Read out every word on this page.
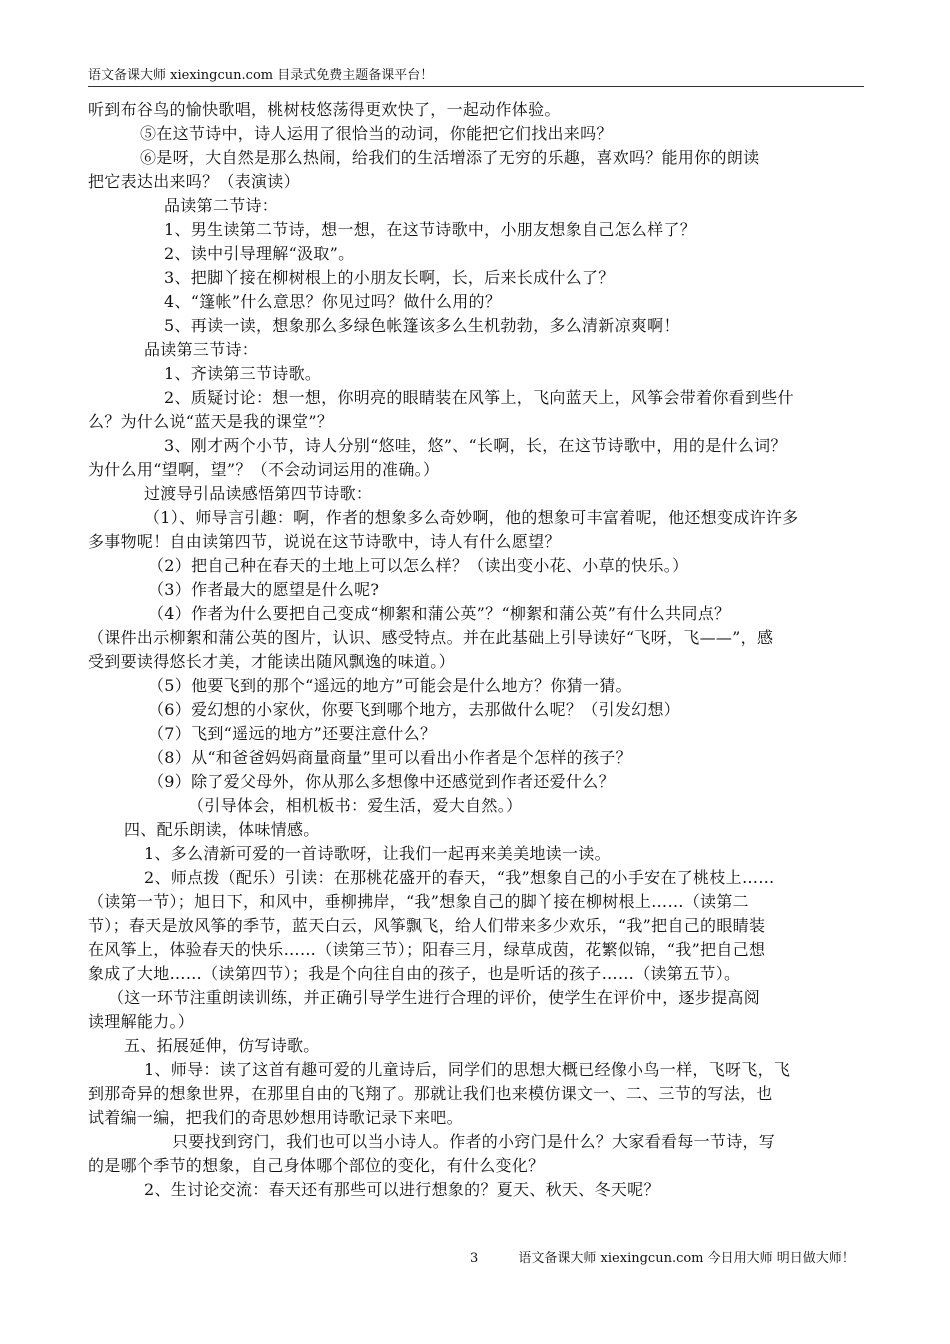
语文备课大师 xiexingcun.com 目录式免费主题备课平台！
听到布谷鸟的愉快歌唱，桃树枝悠荡得更欢快了，一起动作体验。
⑤在这节诗中，诗人运用了很恰当的动词，你能把它们找出来吗？
⑥是呀，大自然是那么热闹，给我们的生活增添了无穷的乐趣，喜欢吗？能用你的朗读
把它表达出来吗？（表演读）
品读第二节诗：
1、男生读第二节诗，想一想，在这节诗歌中，小朋友想象自己怎么样了？
2、读中引导理解“汲取”。
3、把脚丫接在柳树根上的小朋友长啊，长，后来长成什么了？
4、“篷帐”什么意思？你见过吗？做什么用的？
5、再读一读，想象那么多绿色帐篷该多么生机勃勃，多么清新凉爽啊！
品读第三节诗：
1、齐读第三节诗歌。
2、质疑讨论：想一想，你明亮的眼睛装在风筝上，飞向蓝天上，风筝会带着你看到些什
么？为什么说“蓝天是我的课堂”？
3、刚才两个小节，诗人分别“悠哇，悠”、“长啊，长，在这节诗歌中，用的是什么词？
为什么用“望啊，望”？（不会动词运用的准确。）
过渡导引品读感悟第四节诗歌：
（1）、师导言引趣：啊，作者的想象多么奇妙啊，他的想象可丰富着呢，他还想变成许许多
多事物呢！自由读第四节，说说在这节诗歌中，诗人有什么愿望？
（2）把自己种在春天的土地上可以怎么样？（读出变小花、小草的快乐。）
（3）作者最大的愿望是什么呢?
（4）作者为什么要把自己变成“柳絮和蒲公英”？“柳絮和蒲公英”有什么共同点？
（课件出示柳絮和蒲公英的图片，认识、感受特点。并在此基础上引导读好“飞呀，飞——”，感
受到要读得悠长才美，才能读出随风飘逸的味道。）
（5）他要飞到的那个“遥远的地方”可能会是什么地方？你猜一猜。
（6）爱幻想的小家伙，你要飞到哪个地方，去那做什么呢？（引发幻想）
（7）飞到“遥远的地方”还要注意什么？
（8）从“和爸爸妈妈商量商量”里可以看出小作者是个怎样的孩子？
（9）除了爱父母外，你从那么多想像中还感觉到作者还爱什么？
（引导体会，相机板书：爱生活，爱大自然。）
四、配乐朗读，体味情感。
1、多么清新可爱的一首诗歌呀，让我们一起再来美美地读一读。
2、师点拨（配乐）引读：在那桃花盛开的春天，“我”想象自己的小手安在了桃枝上……
（读第一节）；旭日下，和风中，垂柳拂岸，“我”想象自己的脚丫接在柳树根上……（读第二
节）；春天是放风筝的季节，蓝天白云，风筝飘飞，给人们带来多少欢乐，“我”把自己的眼睛装
在风筝上，体验春天的快乐……（读第三节）；阳春三月，绿草成茵，花繁似锦，“我”把自己想
象成了大地……（读第四节）；我是个向往自由的孩子，也是听话的孩子……（读第五节）。
（这一环节注重朗读训练，并正确引导学生进行合理的评价，使学生在评价中，逐步提高阅
读理解能力。）
五、拓展延伸，仿写诗歌。
1、师导：读了这首有趣可爱的儿童诗后，同学们的思想大概已经像小鸟一样，飞呀飞，飞
到那奇异的想象世界，在那里自由的飞翔了。那就让我们也来模仿课文一、二、三节的写法，也
试着编一编，把我们的奇思妙想用诗歌记录下来吧。
只要找到窍门，我们也可以当小诗人。作者的小窍门是什么？大家看看每一节诗，写
的是哪个季节的想象，自己身体哪个部位的变化，有什么变化？
2、生讨论交流：春天还有那些可以进行想象的？夏天、秋天、冬天呢？
3	语文备课大师 xiexingcun.com 今日用大师 明日做大师！
